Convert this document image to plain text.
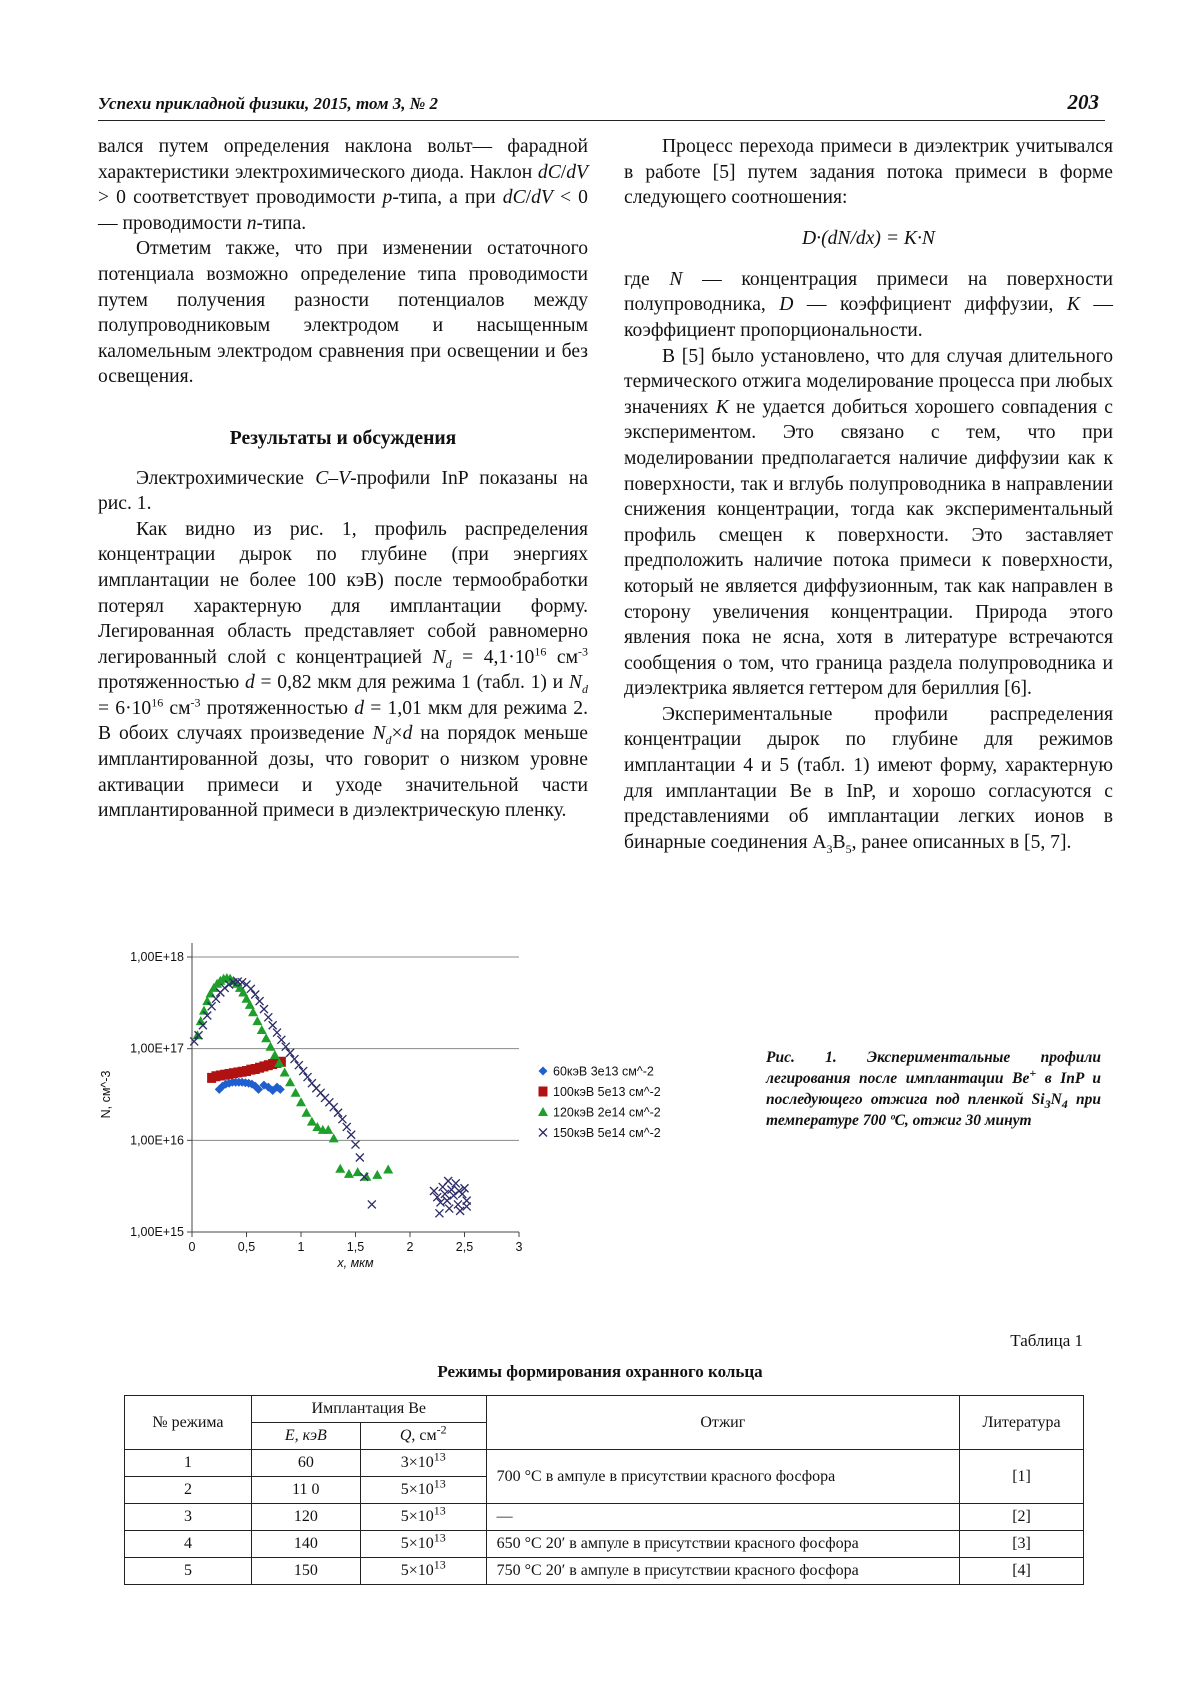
Успехи прикладной физики, 2015, том 3, № 2	203

вался путем определения наклона вольт— фарадной характеристики электрохимического диода. Наклон dC/dV > 0 соответствует проводимости p-типа, а при dC/dV < 0 — проводимости n-типа.

Отметим также, что при изменении остаточного потенциала возможно определение типа проводимости путем получения разности потенциалов между полупроводниковым электродом и насыщенным каломельным электродом сравнения при освещении и без освещения.

Результаты и обсуждения

Электрохимические C–V-профили InP показаны на рис. 1.

Как видно из рис. 1, профиль распределения концентрации дырок по глубине (при энергиях имплантации не более 100 кэВ) после термообработки потерял характерную для имплантации форму. Легированная область представляет собой равномерно легированный слой с концентрацией $N_d = 4,1\cdot 10^{16}$ $см^{-3}$ протяженностью d = 0,82 мкм для режима 1 (табл. 1) и $N_d = 6\cdot 10^{16}$ $см^{-3}$ протяженностью d = 1,01 мкм для режима 2. В обоих случаях произведение $N_d\times d$ на порядок меньше имплантированной дозы, что говорит о низком уровне активации примеси и уходе значительной части имплантированной примеси в диэлектрическую пленку.

Процесс перехода примеси в диэлектрик учитывался в работе [5] путем задания потока примеси в форме следующего соотношения:

D·(dN/dx) = K·N

где N — концентрация примеси на поверхности полупроводника, D — коэффициент диффузии, K — коэффициент пропорциональности.

В [5] было установлено, что для случая длительного термического отжига моделирование процесса при любых значениях K не удается добиться хорошего совпадения с экспериментом. Это связано с тем, что при моделировании предполагается наличие диффузии как к поверхности, так и вглубь полупроводника в направлении снижения концентрации, тогда как экспериментальный профиль смещен к поверхности. Это заставляет предположить наличие потока примеси к поверхности, который не является диффузионным, так как направлен в сторону увеличения концентрации. Природа этого явления пока не ясна, хотя в литературе встречаются сообщения о том, что граница раздела полупроводника и диэлектрика является геттером для бериллия [6].

Экспериментальные профили распределения концентрации дырок по глубине для режимов имплантации 4 и 5 (табл. 1) имеют форму, характерную для имплантации Be в InP, и хорошо согласуются с представлениями об имплантации легких ионов в бинарные соединения $A_3B_5$, ранее описанных в [5, 7].

1,00E+15
1,00E+16
1,00E+17
1,00E+18
0	0,5	1	1,5	2	2,5	3
60кэВ 3e13 см^-2
100кэВ 5e13 см^-2
120кэВ 2e14 см^-2
150кэВ 5e14 см^-2
x, мкм
N, см^-3
Рис. 1. Экспериментальные профили легирования после имплантации Be+ в InP и последующего отжига под пленкой $Si_3N_4$ при температуре 700 ºC, отжиг 30 минут
Таблица 1
Режимы формирования охранного кольца
№ режима	Имплантация Be		Отжиг	Литература
	E, кэВ	Q, $см^{-2}$
1	60	$3\times 10^{13}$	700 °C в ампуле в присутствии красного фосфора	[1]
2	11 0	$5\times 10^{13}$
3	120	$5\times 10^{13}$	—	[2]
4	140	$5\times 10^{13}$	650 °C 20′ в ампуле в присутствии красного фосфора	[3]
5	150	$5\times 10^{13}$	750 °C 20′ в ампуле в присутствии красного фосфора	[4]
